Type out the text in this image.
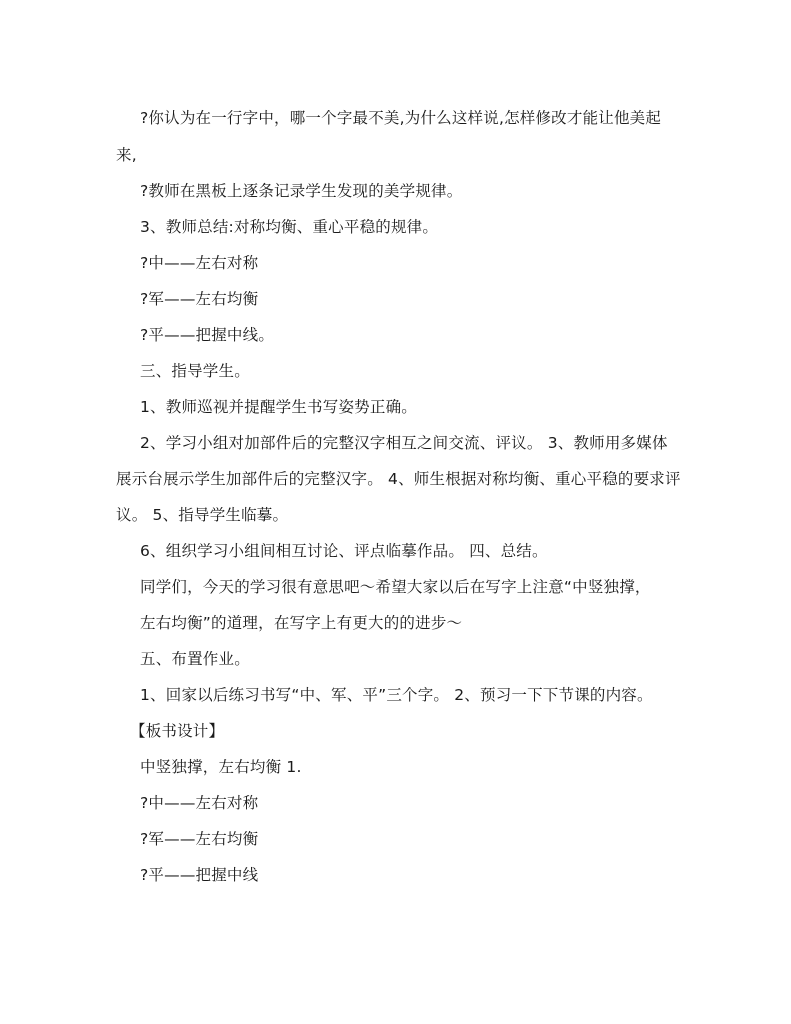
?你认为在一行字中，哪一个字最不美,为什么这样说,怎样修改才能让他美起
来,
?教师在黑板上逐条记录学生发现的美学规律。
3、教师总结:对称均衡、重心平稳的规律。
?中——左右对称
?军——左右均衡
?平——把握中线。
三、指导学生。
1、教师巡视并提醒学生书写姿势正确。
2、学习小组对加部件后的完整汉字相互之间交流、评议。 3、教师用多媒体
展示台展示学生加部件后的完整汉字。 4、师生根据对称均衡、重心平稳的要求评
议。 5、指导学生临摹。
6、组织学习小组间相互讨论、评点临摹作品。 四、总结。
同学们，今天的学习很有意思吧～希望大家以后在写字上注意“中竖独撑，
左右均衡”的道理，在写字上有更大的的进步～
五、布置作业。
1、回家以后练习书写“中、军、平”三个字。 2、预习一下下节课的内容。
【板书设计】
中竖独撑，左右均衡 1.
?中——左右对称
?军——左右均衡
?平——把握中线
